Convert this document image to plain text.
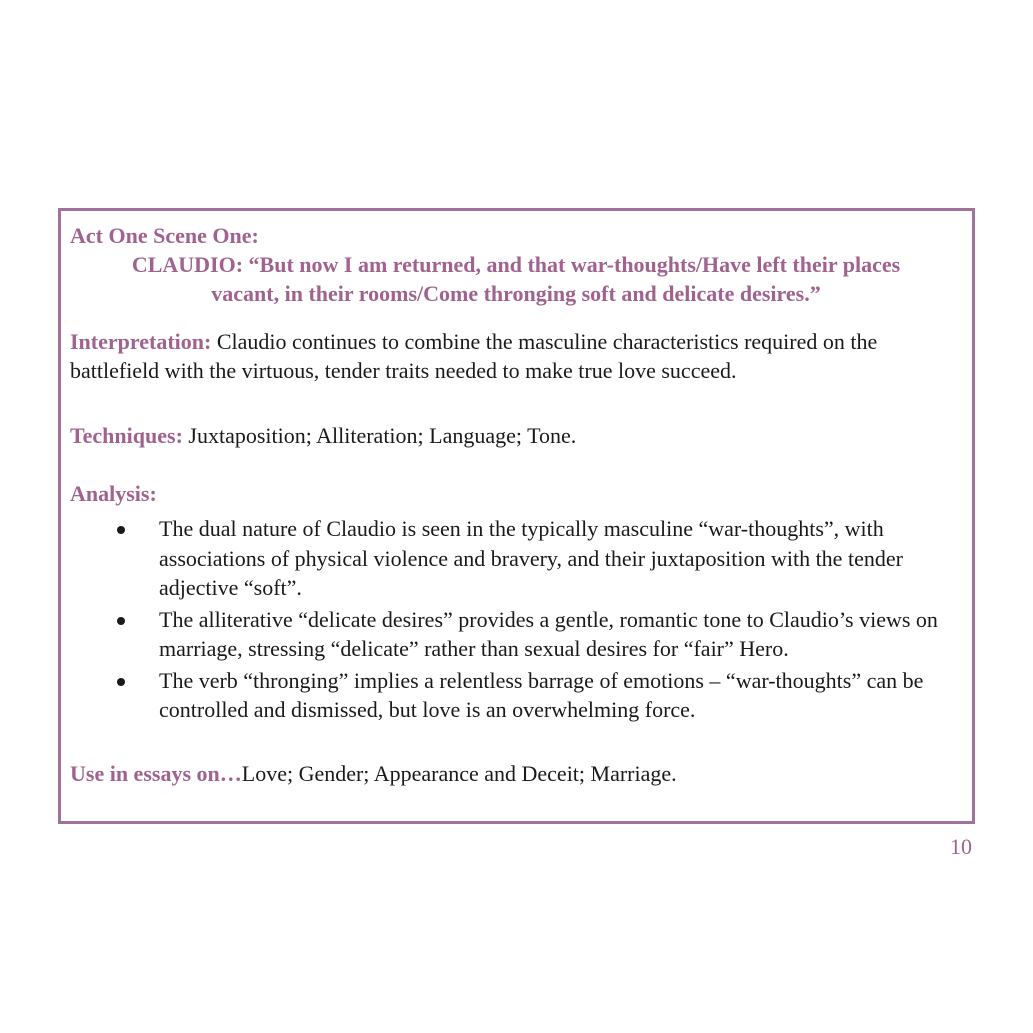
Act One Scene One:

CLAUDIO: “But now I am returned, and that war-thoughts/Have left their places

vacant, in their rooms/Come thronging soft and delicate desires.”

Interpretation: Claudio continues to combine the masculine characteristics required on the battlefield with the virtuous, tender traits needed to make true love succeed.

Techniques: Juxtaposition; Alliteration; Language; Tone.

Analysis:

The dual nature of Claudio is seen in the typically masculine “war-thoughts”, with associations of physical violence and bravery, and their juxtaposition with the tender adjective “soft”.
The alliterative “delicate desires” provides a gentle, romantic tone to Claudio’s views on marriage, stressing “delicate” rather than sexual desires for “fair” Hero.
The verb “thronging” implies a relentless barrage of emotions – “war-thoughts” can be controlled and dismissed, but love is an overwhelming force.

Use in essays on…Love; Gender; Appearance and Deceit; Marriage.

10
